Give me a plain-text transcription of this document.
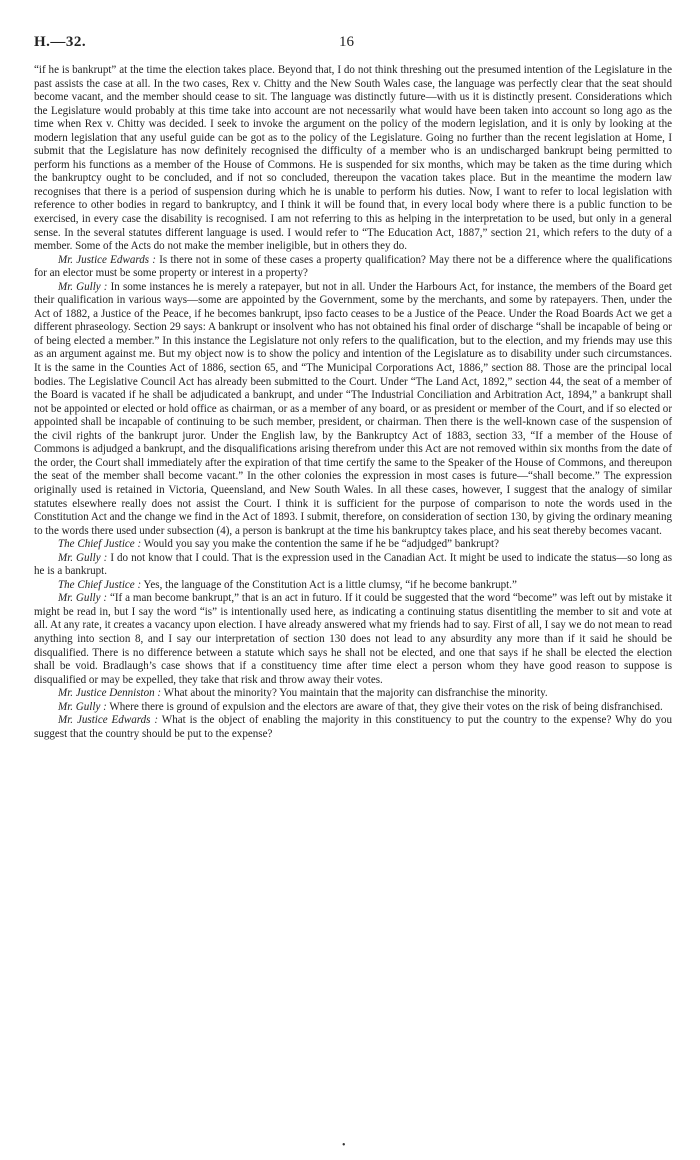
H.—32.	16

“if he is bankrupt” at the time the election takes place. Beyond that, I do not think threshing out the presumed intention of the Legislature in the past assists the case at all. In the two cases, Rex v. Chitty and the New South Wales case, the language was perfectly clear that the seat should become vacant, and the member should cease to sit. The language was distinctly future—with us it is distinctly present. Considerations which the Legislature would probably at this time take into account are not necessarily what would have been taken into account so long ago as the time when Rex v. Chitty was decided. I seek to invoke the argument on the policy of the modern legislation, and it is only by looking at the modern legislation that any useful guide can be got as to the policy of the Legislature. Going no further than the recent legislation at Home, I submit that the Legislature has now definitely recognised the difficulty of a member who is an undischarged bankrupt being permitted to perform his functions as a member of the House of Commons. He is suspended for six months, which may be taken as the time during which the bankruptcy ought to be concluded, and if not so concluded, thereupon the vacation takes place. But in the meantime the modern law recognises that there is a period of suspension during which he is unable to perform his duties. Now, I want to refer to local legislation with reference to other bodies in regard to bankruptcy, and I think it will be found that, in every local body where there is a public function to be exercised, in every case the disability is recognised. I am not referring to this as helping in the interpretation to be used, but only in a general sense. In the several statutes different language is used. I would refer to “The Education Act, 1887,” section 21, which refers to the duty of a member. Some of the Acts do not make the member ineligible, but in others they do.

Mr. Justice Edwards : Is there not in some of these cases a property qualification? May there not be a difference where the qualifications for an elector must be some property or interest in a property?

Mr. Gully : In some instances he is merely a ratepayer, but not in all. Under the Harbours Act, for instance, the members of the Board get their qualification in various ways—some are appointed by the Government, some by the merchants, and some by ratepayers. Then, under the Act of 1882, a Justice of the Peace, if he becomes bankrupt, ipso facto ceases to be a Justice of the Peace. Under the Road Boards Act we get a different phraseology. Section 29 says: A bankrupt or insolvent who has not obtained his final order of discharge “shall be incapable of being or of being elected a member.” In this instance the Legislature not only refers to the qualification, but to the election, and my friends may use this as an argument against me. But my object now is to show the policy and intention of the Legislature as to disability under such circumstances. It is the same in the Counties Act of 1886, section 65, and “The Municipal Corporations Act, 1886,” section 88. Those are the principal local bodies. The Legislative Council Act has already been submitted to the Court. Under “The Land Act, 1892,” section 44, the seat of a member of the Board is vacated if he shall be adjudicated a bankrupt, and under “The Industrial Conciliation and Arbitration Act, 1894,” a bankrupt shall not be appointed or elected or hold office as chairman, or as a member of any board, or as president or member of the Court, and if so elected or appointed shall be incapable of continuing to be such member, president, or chairman. Then there is the well-known case of the suspension of the civil rights of the bankrupt juror. Under the English law, by the Bankruptcy Act of 1883, section 33, “If a member of the House of Commons is adjudged a bankrupt, and the disqualifications arising therefrom under this Act are not removed within six months from the date of the order, the Court shall immediately after the expiration of that time certify the same to the Speaker of the House of Commons, and thereupon the seat of the member shall become vacant.” In the other colonies the expression in most cases is future—“shall become.” The expression originally used is retained in Victoria, Queensland, and New South Wales. In all these cases, however, I suggest that the analogy of similar statutes elsewhere really does not assist the Court. I think it is sufficient for the purpose of comparison to note the words used in the Constitution Act and the change we find in the Act of 1893. I submit, therefore, on consideration of section 130, by giving the ordinary meaning to the words there used under subsection (4), a person is bankrupt at the time his bankruptcy takes place, and his seat thereby becomes vacant.

The Chief Justice : Would you say you make the contention the same if he be “adjudged” bankrupt?

Mr. Gully : I do not know that I could. That is the expression used in the Canadian Act. It might be used to indicate the status—so long as he is a bankrupt.

The Chief Justice : Yes, the language of the Constitution Act is a little clumsy, “if he become bankrupt.”

Mr. Gully : “If a man become bankrupt,” that is an act in futuro. If it could be suggested that the word “become” was left out by mistake it might be read in, but I say the word “is” is intentionally used here, as indicating a continuing status disentitling the member to sit and vote at all. At any rate, it creates a vacancy upon election. I have already answered what my friends had to say. First of all, I say we do not mean to read anything into section 8, and I say our interpretation of section 130 does not lead to any absurdity any more than if it said he should be disqualified. There is no difference between a statute which says he shall not be elected, and one that says if he shall be elected the election shall be void. Bradlaugh’s case shows that if a constituency time after time elect a person whom they have good reason to suppose is disqualified or may be expelled, they take that risk and throw away their votes.

Mr. Justice Denniston : What about the minority? You maintain that the majority can disfranchise the minority.

Mr. Gully : Where there is ground of expulsion and the electors are aware of that, they give their votes on the risk of being disfranchised.

Mr. Justice Edwards : What is the object of enabling the majority in this constituency to put the country to the expense? Why do you suggest that the country should be put to the expense?

•
